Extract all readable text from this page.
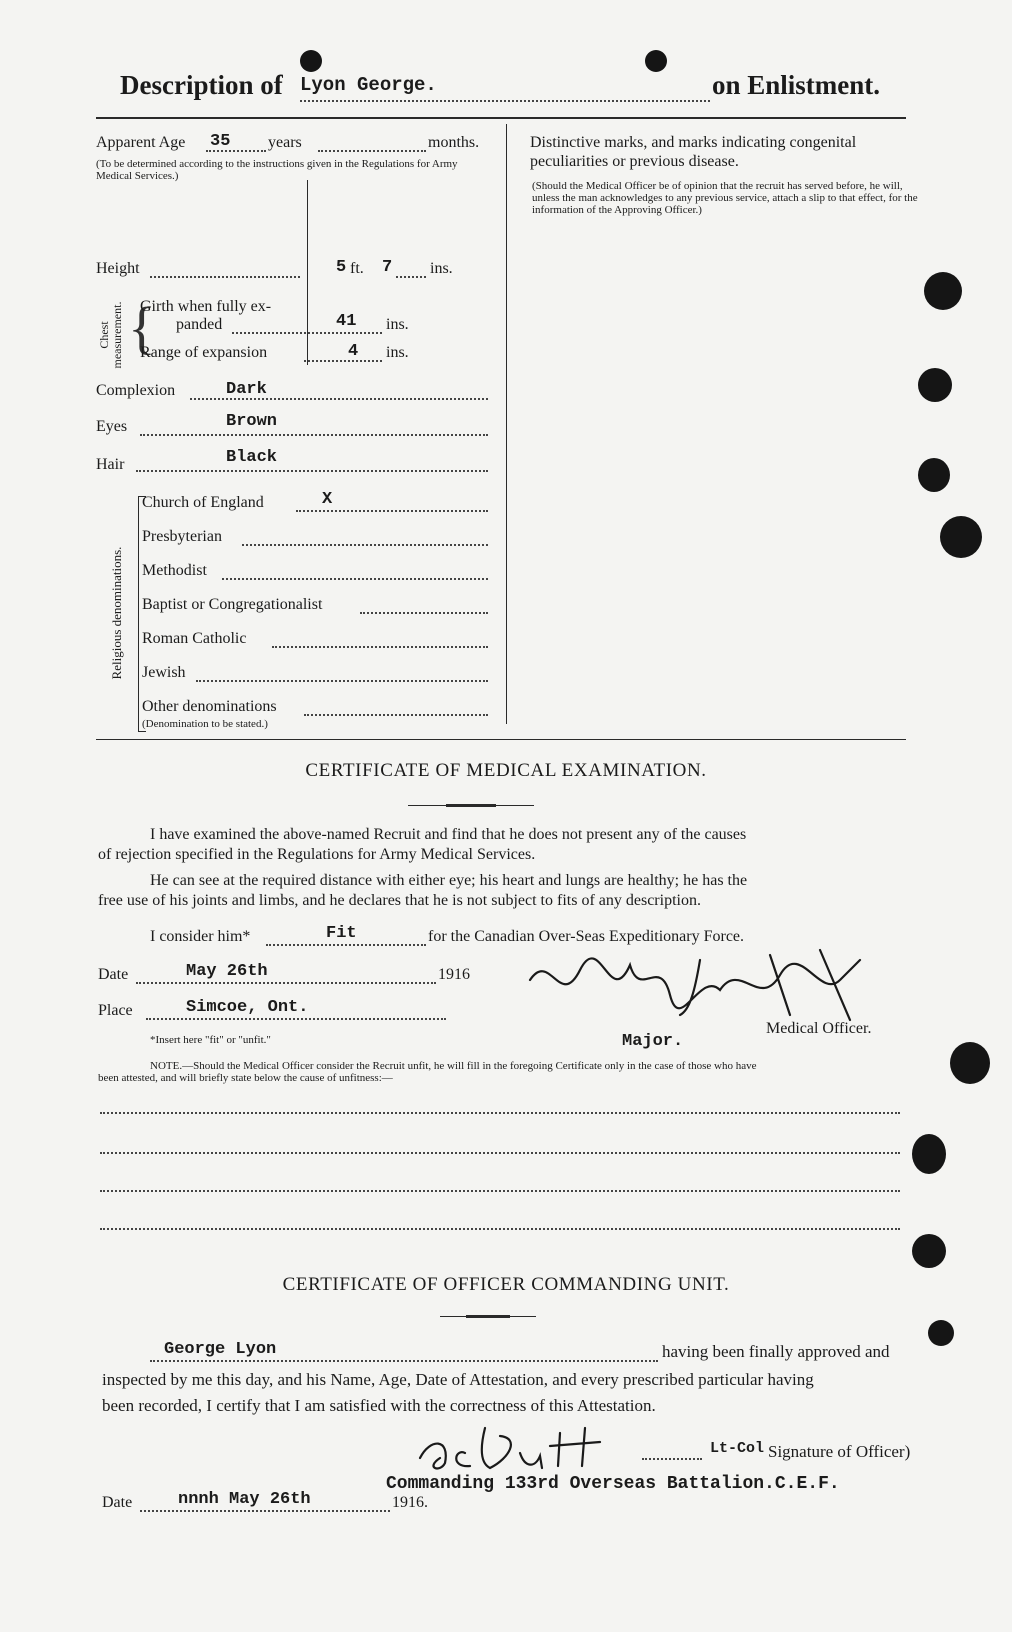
Description of Lyon George.	on Enlistment.
Apparent Age 35 years	months.
(To be determined according to the instructions given in the Regulations for Army Medical Services.)
Height	5 ft. 7 ins.
Chest measurement. {
Girth when fully ex-
panded	41 ins.
Range of expansion	4 ins.
Complexion	Dark
Eyes	Brown
Hair	Black
Religious denominations.
Church of England	X
Presbyterian
Methodist
Baptist or Congregationalist
Roman Catholic
Jewish
Other denominations
(Denomination to be stated.)
Distinctive marks, and marks indicating congenital
peculiarities or previous disease.
(Should the Medical Officer be of opinion that the recruit has served before, he will, unless the man acknowledges to any previous service, attach a slip to that effect, for the information of the Approving Officer.)
CERTIFICATE OF MEDICAL EXAMINATION.
I have examined the above-named Recruit and find that he does not present any of the causes
of rejection specified in the Regulations for Army Medical Services.
He can see at the required distance with either eye; his heart and lungs are healthy; he has the
free use of his joints and limbs, and he declares that he is not subject to fits of any description.
I consider him*	Fit	for the Canadian Over-Seas Expeditionary Force.
Date	May 26th	1916
Place	Simcoe, Ont.
Major.
Medical Officer.
*Insert here "fit" or "unfit."
NOTE.—Should the Medical Officer consider the Recruit unfit, he will fill in the foregoing Certificate only in the case of those who have
been attested, and will briefly state below the cause of unfitness:—
CERTIFICATE OF OFFICER COMMANDING UNIT.
George Lyon	having been finally approved and
inspected by me this day, and his Name, Age, Date of Attestation, and every prescribed particular having
been recorded, I certify that I am satisfied with the correctness of this Attestation.
Lt-Col Signature of Officer)
Commanding 133rd Overseas Battalion.C.E.F.
Date	nnnh May 26th	1916.
